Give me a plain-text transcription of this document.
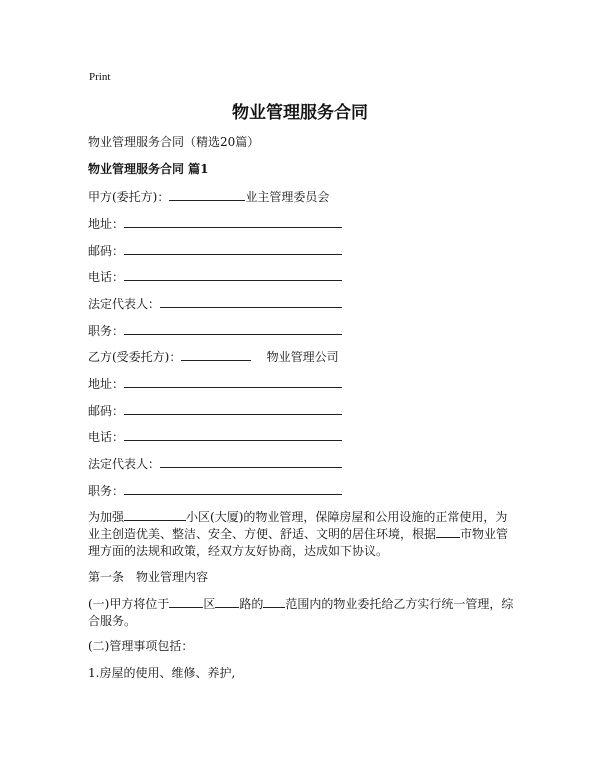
Print
物业管理服务合同
物业管理服务合同（精选20篇）
物业管理服务合同 篇1
甲方(委托方)：	业主管理委员会
地址：
邮码：
电话：
法定代表人：
职务：
乙方(受委托方)：	物业管理公司
地址：
邮码：
电话：
法定代表人：
职务：
为加强	小区(大厦)的物业管理，保障房屋和公用设施的正常使用，为业主创造优美、整洁、安全、方便、舒适、文明的居住环境，根据 市物业管理方面的法规和政策，经双方友好协商，达成如下协议。
第一条　物业管理内容
(一)甲方将位于	区 路的 范围内的物业委托给乙方实行统一管理，综合服务。
(二)管理事项包括：
1.房屋的使用、维修、养护,
